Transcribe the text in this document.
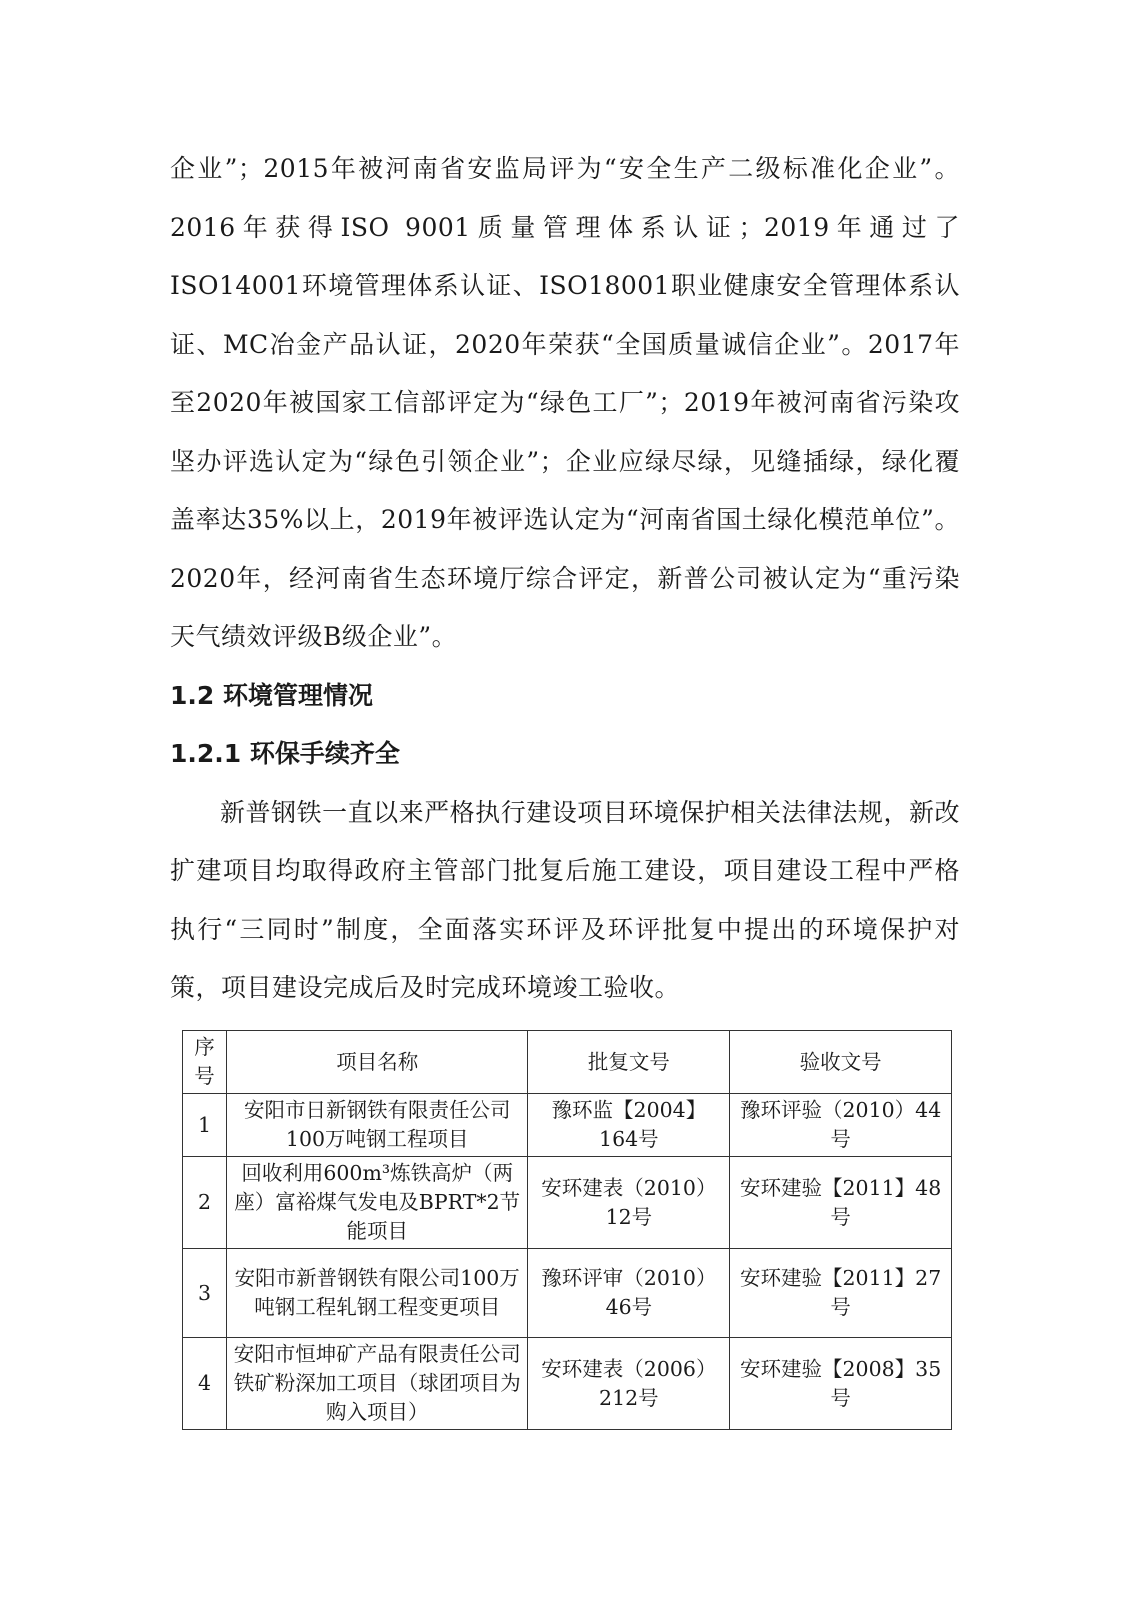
企业”；2015年被河南省安监局评为“安全生产二级标准化企业”。2016年获得ISO 9001质量管理体系认证；2019年通过了ISO14001环境管理体系认证、ISO18001职业健康安全管理体系认证、MC冶金产品认证，2020年荣获“全国质量诚信企业”。2017年至2020年被国家工信部评定为“绿色工厂”；2019年被河南省污染攻坚办评选认定为“绿色引领企业”；企业应绿尽绿，见缝插绿，绿化覆盖率达35%以上，2019年被评选认定为“河南省国土绿化模范单位”。2020年，经河南省生态环境厅综合评定，新普公司被认定为“重污染天气绩效评级B级企业”。

1.2 环境管理情况

1.2.1 环保手续齐全

新普钢铁一直以来严格执行建设项目环境保护相关法律法规，新改扩建项目均取得政府主管部门批复后施工建设，项目建设工程中严格执行“三同时”制度，全面落实环评及环评批复中提出的环境保护对策，项目建设完成后及时完成环境竣工验收。

序号	项目名称	批复文号	验收文号
1	安阳市日新钢铁有限责任公司100万吨钢工程项目	豫环监【2004】164号	豫环评验（2010）44号
2	回收利用600m³炼铁高炉（两座）富裕煤气发电及BPRT*2节能项目	安环建表（2010）12号	安环建验【2011】48号
3	安阳市新普钢铁有限公司100万吨钢工程轧钢工程变更项目	豫环评审（2010）46号	安环建验【2011】27号
4	安阳市恒坤矿产品有限责任公司铁矿粉深加工项目（球团项目为购入项目）	安环建表（2006）212号	安环建验【2008】35号
